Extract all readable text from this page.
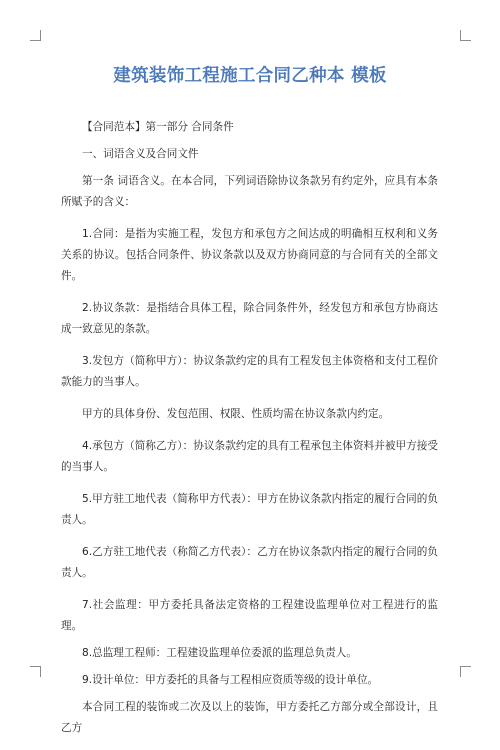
建筑装饰工程施工合同乙种本 模板

【合同范本】第一部分 合同条件

一、词语含义及合同文件

第一条 词语含义。在本合同，下列词语除协议条款另有约定外，应具有本条所赋予的含义：

1.合同：是指为实施工程，发包方和承包方之间达成的明确相互权利和义务关系的协议。包括合同条件、协议条款以及双方协商同意的与合同有关的全部文件。

2.协议条款：是指结合具体工程，除合同条件外，经发包方和承包方协商达成一致意见的条款。

3.发包方（简称甲方）：协议条款约定的具有工程发包主体资格和支付工程价款能力的当事人。

甲方的具体身份、发包范围、权限、性质均需在协议条款内约定。

4.承包方（简称乙方）：协议条款约定的具有工程承包主体资料并被甲方接受的当事人。

5.甲方驻工地代表（简称甲方代表）：甲方在协议条款内指定的履行合同的负责人。

6.乙方驻工地代表（称简乙方代表）：乙方在协议条款内指定的履行合同的负责人。

7.社会监理：甲方委托具备法定资格的工程建设监理单位对工程进行的监理。

8.总监理工程师：工程建设监理单位委派的监理总负责人。

9.设计单位：甲方委托的具备与工程相应资质等级的设计单位。

本合同工程的装饰或二次及以上的装饰，甲方委托乙方部分或全部设计，且乙方
